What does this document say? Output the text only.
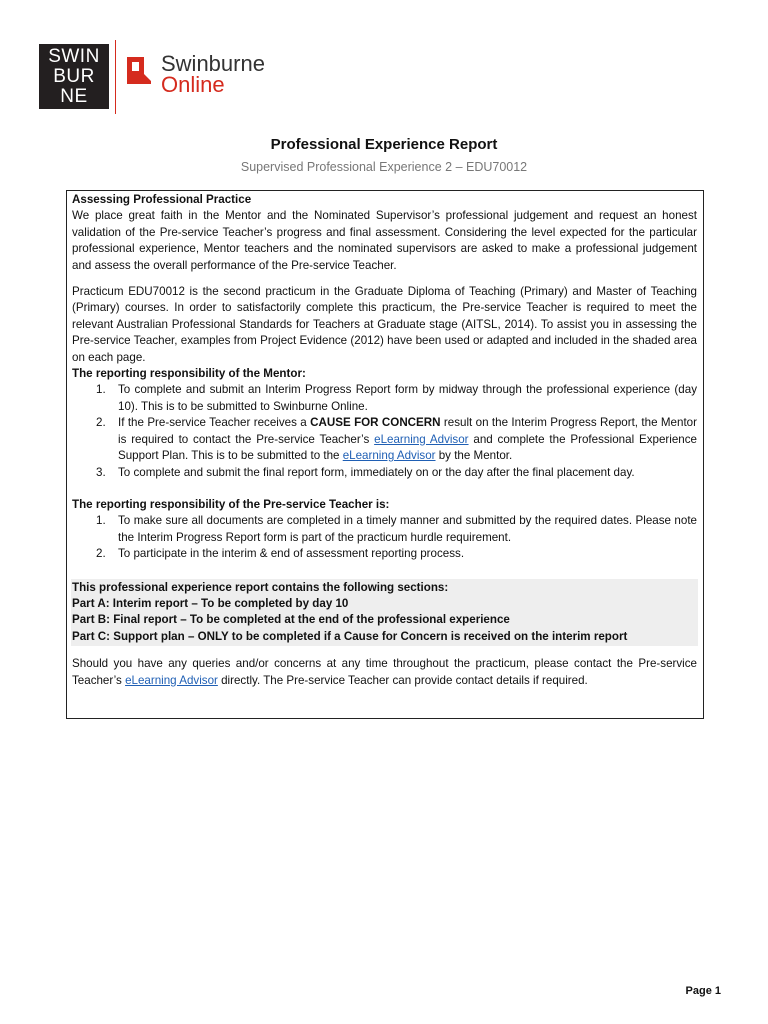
SWIN
BUR
NE
Swinburne
Online
Professional Experience Report
Supervised Professional Experience 2 – EDU70012

Assessing Professional Practice

We place great faith in the Mentor and the Nominated Supervisor’s professional judgement and request an honest validation of the Pre-service Teacher’s progress and final assessment. Considering the level expected for the particular professional experience, Mentor teachers and the nominated supervisors are asked to make a professional judgement and assess the overall performance of the Pre-service Teacher.

Practicum EDU70012 is the second practicum in the Graduate Diploma of Teaching (Primary) and Master of Teaching (Primary) courses. In order to satisfactorily complete this practicum, the Pre-service Teacher is required to meet the relevant Australian Professional Standards for Teachers at Graduate stage (AITSL, 2014). To assist you in assessing the Pre-service Teacher, examples from Project Evidence (2012) have been used or adapted and included in the shaded area on each page.

The reporting responsibility of the Mentor:

1. To complete and submit an Interim Progress Report form by midway through the professional experience (day 10). This is to be submitted to Swinburne Online.
2. If the Pre-service Teacher receives a CAUSE FOR CONCERN result on the Interim Progress Report, the Mentor is required to contact the Pre-service Teacher’s eLearning Advisor and complete the Professional Experience Support Plan. This is to be submitted to the eLearning Advisor by the Mentor.
3. To complete and submit the final report form, immediately on or the day after the final placement day.

The reporting responsibility of the Pre-service Teacher is:

1. To make sure all documents are completed in a timely manner and submitted by the required dates. Please note the Interim Progress Report form is part of the practicum hurdle requirement.
2. To participate in the interim & end of assessment reporting process.

This professional experience report contains the following sections:

Part A: Interim report – To be completed by day 10

Part B: Final report – To be completed at the end of the professional experience

Part C: Support plan – ONLY to be completed if a Cause for Concern is received on the interim report

Should you have any queries and/or concerns at any time throughout the practicum, please contact the Pre-service Teacher’s eLearning Advisor directly. The Pre-service Teacher can provide contact details if required.

Page 1
